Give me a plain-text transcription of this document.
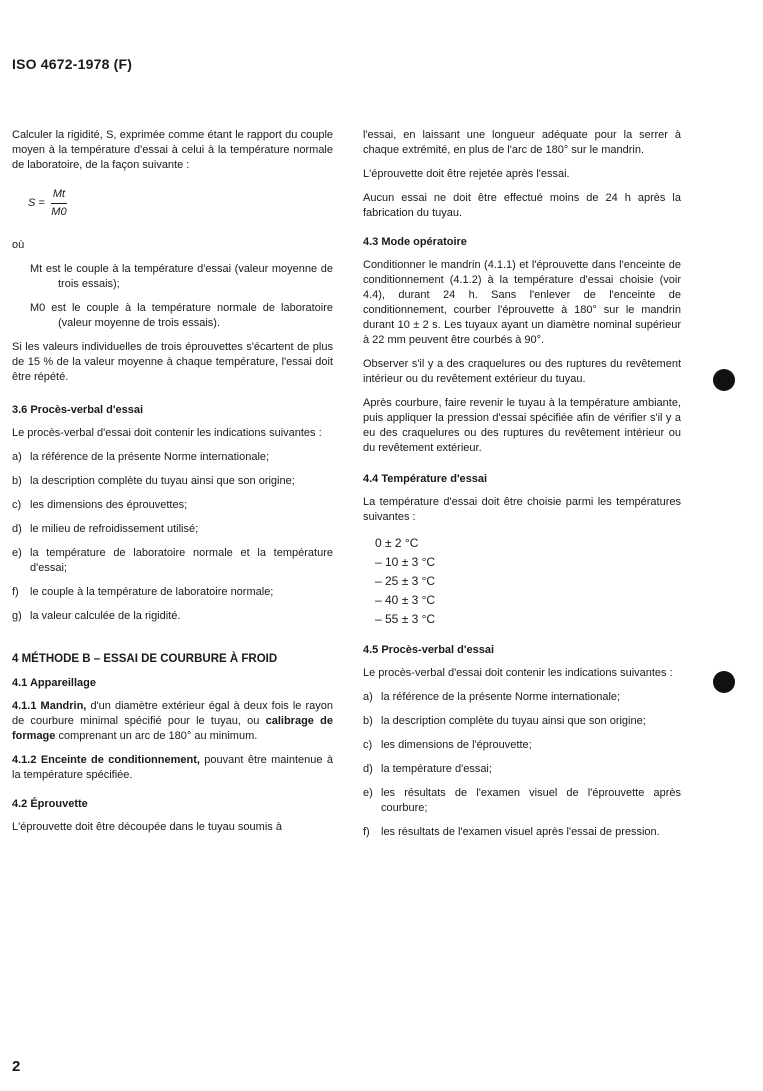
ISO 4672-1978 (F)

Calculer la rigidité, S, exprimée comme étant le rapport du couple moyen à la température d'essai à celui à la température normale de laboratoire, de la façon suivante :

$S = \frac{Mt}{M0}$

où

Mt est le couple à la température d'essai (valeur moyenne de trois essais);
M0 est le couple à la température normale de laboratoire (valeur moyenne de trois essais).

Si les valeurs individuelles de trois éprouvettes s'écartent de plus de 15 % de la valeur moyenne à chaque température, l'essai doit être répété.

3.6 Procès-verbal d'essai

Le procès-verbal d'essai doit contenir les indications suivantes :

a) la référence de la présente Norme internationale;
b) la description complète du tuyau ainsi que son origine;
c) les dimensions des éprouvettes;
d) le milieu de refroidissement utilisé;
e) la température de laboratoire normale et la température d'essai;
f) le couple à la température de laboratoire normale;
g) la valeur calculée de la rigidité.
4 MÉTHODE B – ESSAI DE COURBURE À FROID
4.1 Appareillage

4.1.1 Mandrin, d'un diamètre extérieur égal à deux fois le rayon de courbure minimal spécifié pour le tuyau, ou calibrage de formage comprenant un arc de 180° au minimum.

4.1.2 Enceinte de conditionnement, pouvant être maintenue à la température spécifiée.

4.2 Éprouvette

L'éprouvette doit être découpée dans le tuyau soumis à

l'essai, en laissant une longueur adéquate pour la serrer à chaque extrémité, en plus de l'arc de 180° sur le mandrin.

L'éprouvette doit être rejetée après l'essai.

Aucun essai ne doit être effectué moins de 24 h après la fabrication du tuyau.

4.3 Mode opératoire

Conditionner le mandrin (4.1.1) et l'éprouvette dans l'enceinte de conditionnement (4.1.2) à la température d'essai choisie (voir 4.4), durant 24 h. Sans l'enlever de l'enceinte de conditionnement, courber l'éprouvette à 180° sur le mandrin durant 10 ± 2 s. Les tuyaux ayant un diamètre nominal supérieur à 22 mm peuvent être courbés à 90°.

Observer s'il y a des craquelures ou des ruptures du revêtement intérieur ou du revêtement extérieur du tuyau.

Après courbure, faire revenir le tuyau à la température ambiante, puis appliquer la pression d'essai spécifiée afin de vérifier s'il y a eu des craquelures ou des ruptures du revêtement intérieur ou du revêtement extérieur.

4.4 Température d'essai

La température d'essai doit être choisie parmi les températures suivantes :

0 ± 2 °C
– 10 ± 3 °C
– 25 ± 3 °C
– 40 ± 3 °C
– 55 ± 3 °C
4.5 Procès-verbal d'essai

Le procès-verbal d'essai doit contenir les indications suivantes :

a) la référence de la présente Norme internationale;
b) la description complète du tuyau ainsi que son origine;
c) les dimensions de l'éprouvette;
d) la température d'essai;
e) les résultats de l'examen visuel de l'éprouvette après courbure;
f) les résultats de l'examen visuel après l'essai de pression.
2
